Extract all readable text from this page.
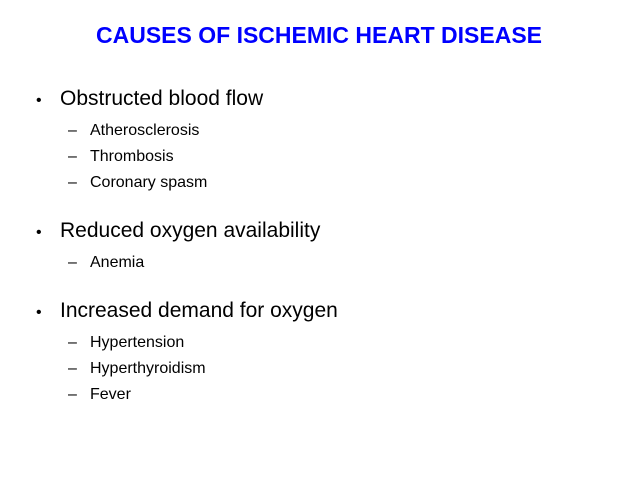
CAUSES OF ISCHEMIC HEART DISEASE
• Obstructed blood flow
– Atherosclerosis
– Thrombosis
– Coronary spasm
• Reduced oxygen availability
– Anemia
• Increased demand for oxygen
– Hypertension
– Hyperthyroidism
– Fever
